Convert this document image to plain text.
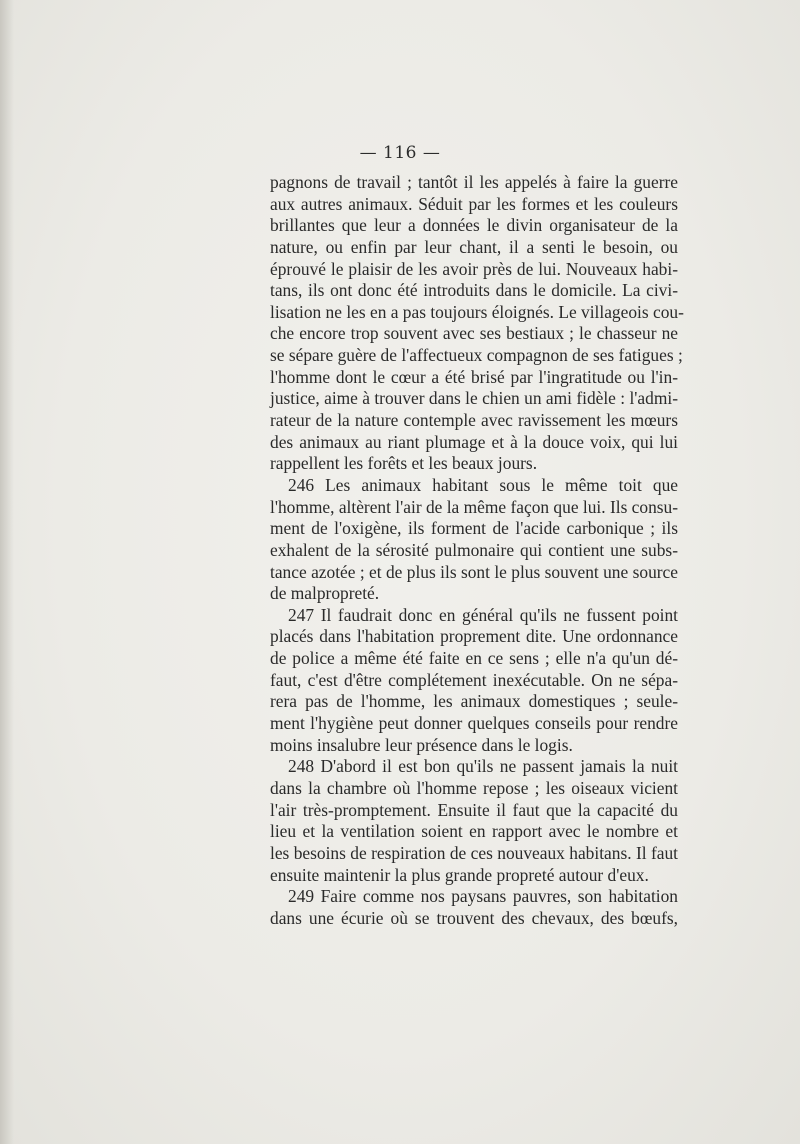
— 116 —
pagnons de travail ; tantôt il les appelés à faire la guerre
aux autres animaux. Séduit par les formes et les couleurs
brillantes que leur a données le divin organisateur de la
nature, ou enfin par leur chant, il a senti le besoin, ou
éprouvé le plaisir de les avoir près de lui. Nouveaux habi-
tans, ils ont donc été introduits dans le domicile. La civi-
lisation ne les en a pas toujours éloignés. Le villageois cou-
che encore trop souvent avec ses bestiaux ; le chasseur ne
se sépare guère de l'affectueux compagnon de ses fatigues ;
l'homme dont le cœur a été brisé par l'ingratitude ou l'in-
justice, aime à trouver dans le chien un ami fidèle : l'admi-
rateur de la nature contemple avec ravissement les mœurs
des animaux au riant plumage et à la douce voix, qui lui
rappellent les forêts et les beaux jours.
246 Les animaux habitant sous le même toit que
l'homme, altèrent l'air de la même façon que lui. Ils consu-
ment de l'oxigène, ils forment de l'acide carbonique ; ils
exhalent de la sérosité pulmonaire qui contient une subs-
tance azotée ; et de plus ils sont le plus souvent une source
de malpropreté.
247 Il faudrait donc en général qu'ils ne fussent point
placés dans l'habitation proprement dite. Une ordonnance
de police a même été faite en ce sens ; elle n'a qu'un dé-
faut, c'est d'être complétement inexécutable. On ne sépa-
rera pas de l'homme, les animaux domestiques ; seule-
ment l'hygiène peut donner quelques conseils pour rendre
moins insalubre leur présence dans le logis.
248 D'abord il est bon qu'ils ne passent jamais la nuit
dans la chambre où l'homme repose ; les oiseaux vicient
l'air très-promptement. Ensuite il faut que la capacité du
lieu et la ventilation soient en rapport avec le nombre et
les besoins de respiration de ces nouveaux habitans. Il faut
ensuite maintenir la plus grande propreté autour d'eux.
249 Faire comme nos paysans pauvres, son habitation
dans une écurie où se trouvent des chevaux, des bœufs,
